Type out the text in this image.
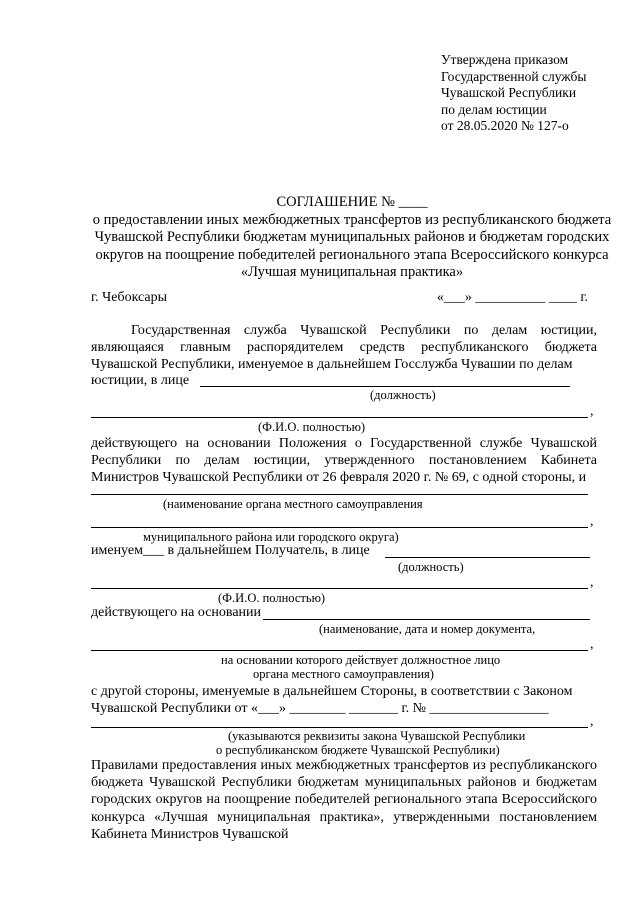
Утверждена приказом
Государственной службы
Чувашской Республики
по делам юстиции
от 28.05.2020 № 127-о
СОГЛАШЕНИЕ № ____
о предоставлении иных межбюджетных трансфертов из республиканского бюджета
Чувашской Республики бюджетам муниципальных районов и бюджетам городских
округов на поощрение победителей регионального этапа Всероссийского конкурса
«Лучшая муниципальная практика»
г. Чебоксары	«___» __________ ____ г.
Государственная служба Чувашской Республики по делам юстиции, являющаяся главным распорядителем средств республиканского бюджета Чувашской Республики, именуемое в дальнейшем Госслужба Чувашии по делам
юстиции, в лице
(должность)
,
(Ф.И.О. полностью)
действующего на основании Положения о Государственной службе Чувашской Республики по делам юстиции, утвержденного постановлением Кабинета Министров Чувашской Республики от 26 февраля 2020 г. № 69, с одной стороны, и
(наименование органа местного самоуправления
,
муниципального района или городского округа)
именуем___ в дальнейшем Получатель, в лице
(должность)
,
(Ф.И.О. полностью)
действующего на основании
(наименование, дата и номер документа,
,
на основании которого действует должностное лицо
органа местного самоуправления)
с другой стороны, именуемые в дальнейшем Стороны, в соответствии с Законом
Чувашской Республики от «___» ________ _______ г. № _________________
,
(указываются реквизиты закона Чувашской Республики
о республиканском бюджете Чувашской Республики)
Правилами предоставления иных межбюджетных трансфертов из республиканского бюджета Чувашской Республики бюджетам муниципальных районов и бюджетам городских округов на поощрение победителей регионального этапа Всероссийского конкурса «Лучшая муниципальная практика», утвержденными постановлением Кабинета Министров Чувашской
